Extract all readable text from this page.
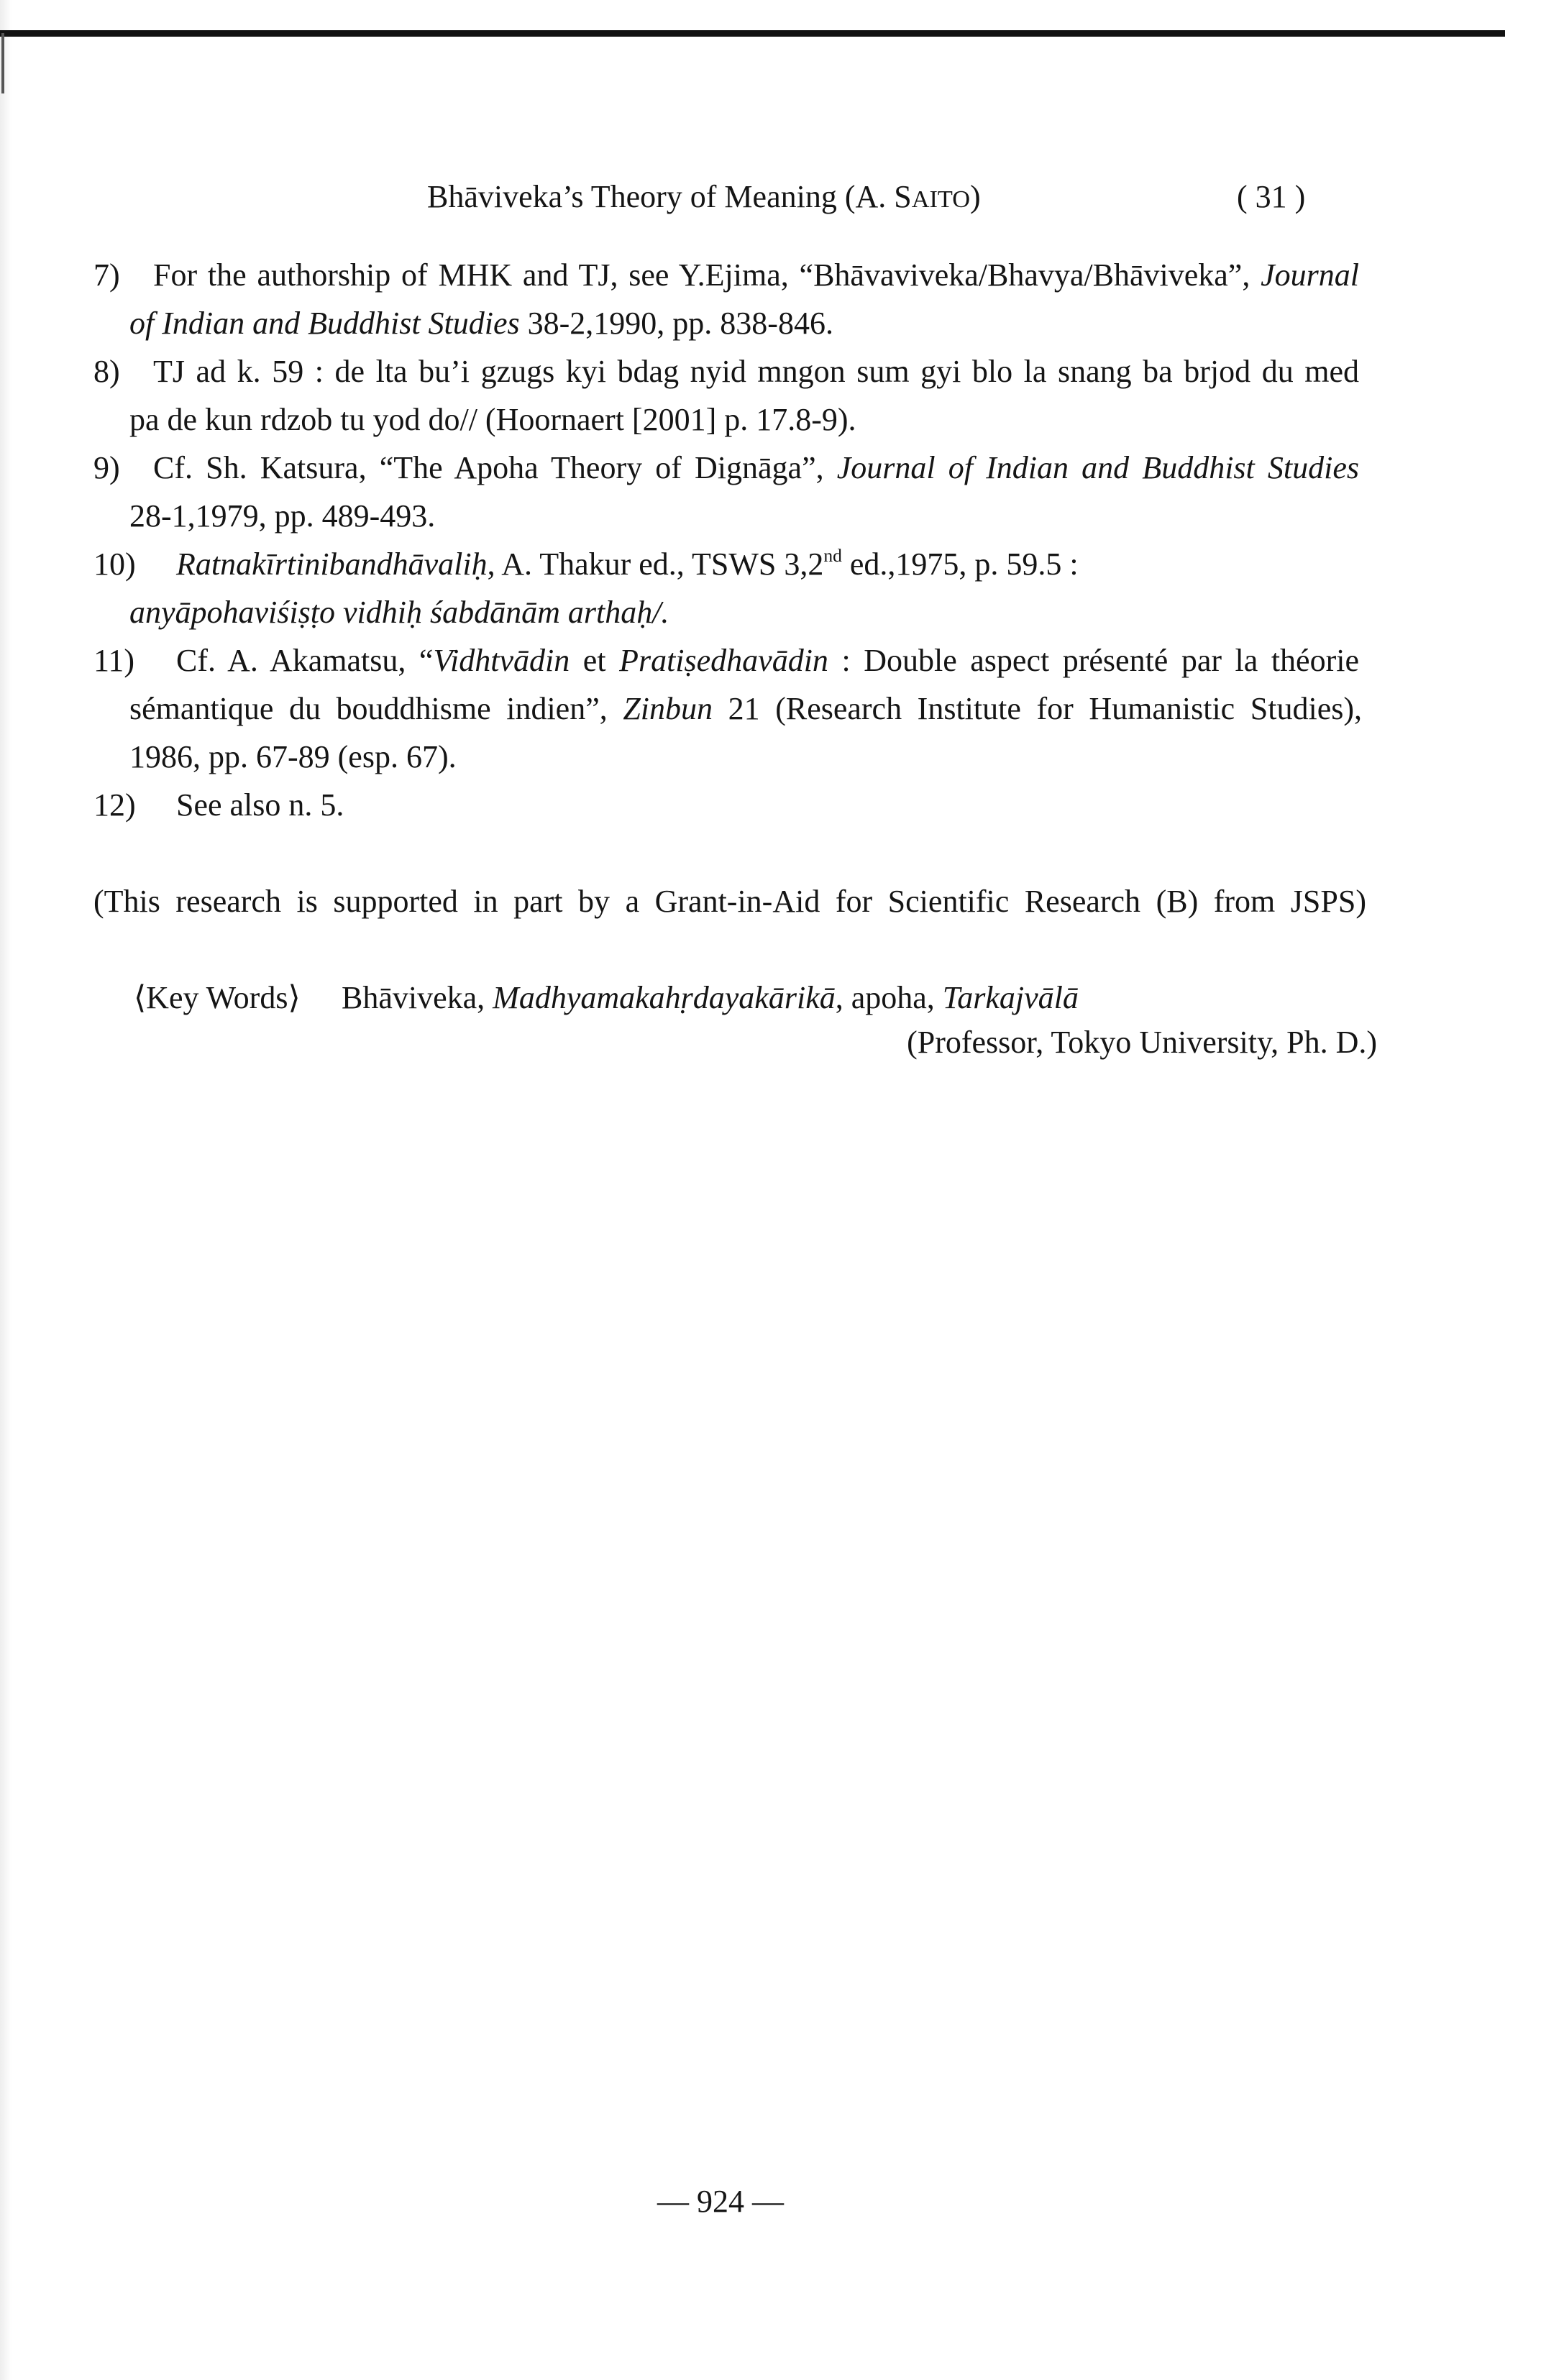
Bhāviveka’s Theory of Meaning (A. SAITO)	( 31 )
7) For the authorship of MHK and TJ, see Y.Ejima, “Bhāvaviveka/Bhavya/Bhāviveka”, Journal
of Indian and Buddhist Studies 38-2,1990, pp. 838-846.
8) TJ ad k. 59 : de lta bu’i gzugs kyi bdag nyid mngon sum gyi blo la snang ba brjod du med
pa de kun rdzob tu yod do// (Hoornaert [2001] p. 17.8-9).
9) Cf. Sh. Katsura, “The Apoha Theory of Dignāga”, Journal of Indian and Buddhist Studies
28-1,1979, pp. 489-493.
10) Ratnakīrtinibandhāvaliḥ, A. Thakur ed., TSWS 3,2nd ed.,1975, p. 59.5 :
anyāpohaviśiṣṭo vidhiḥ śabdānām arthaḥ/.
11) Cf. A. Akamatsu, “Vidhtvādin et Pratiṣedhavādin : Double aspect présenté par la théorie
sémantique du bouddhisme indien”, Zinbun 21 (Research Institute for Humanistic Studies),
1986, pp. 67-89 (esp. 67).
12) See also n. 5.
(This research is supported in part by a Grant-in-Aid for Scientific Research (B) from JSPS)
⟨Key Words⟩ Bhāviveka, Madhyamakahṛdayakārikā, apoha, Tarkajvālā
(Professor, Tokyo University, Ph. D.)
— 924 —
